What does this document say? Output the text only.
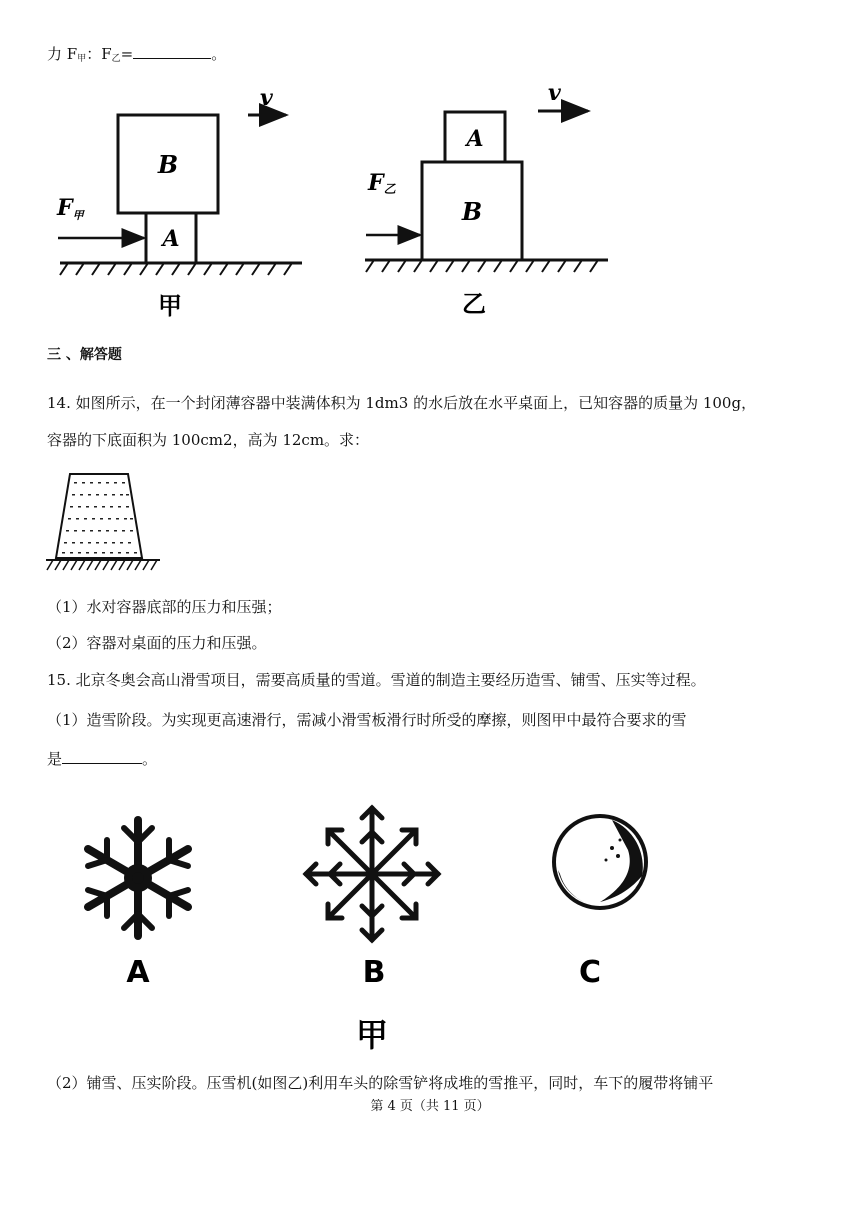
力 $F_甲$：$F_乙=$	。
B
A
v
F甲
甲
A
B
v
F乙
乙
三 、解答题
14. 如图所示，在一个封闭薄容器中装满体积为 1dm3 的水后放在水平桌面上，已知容器的质量为 100g，
容器的下底面积为 100cm2，高为 12cm。求：
（1）水对容器底部的压力和压强；
（2）容器对桌面的压力和压强。
15. 北京冬奥会高山滑雪项目，需要高质量的雪道。雪道的制造主要经历造雪、铺雪、压实等过程。
（1）造雪阶段。为实现更高速滑行，需减小滑雪板滑行时所受的摩擦，则图甲中最符合要求的雪
是	。
A	B	C
甲
（2）铺雪、压实阶段。压雪机(如图乙)利用车头的除雪铲将成堆的雪推平，同时，车下的履带将铺平
第 4 页（共 11 页）
